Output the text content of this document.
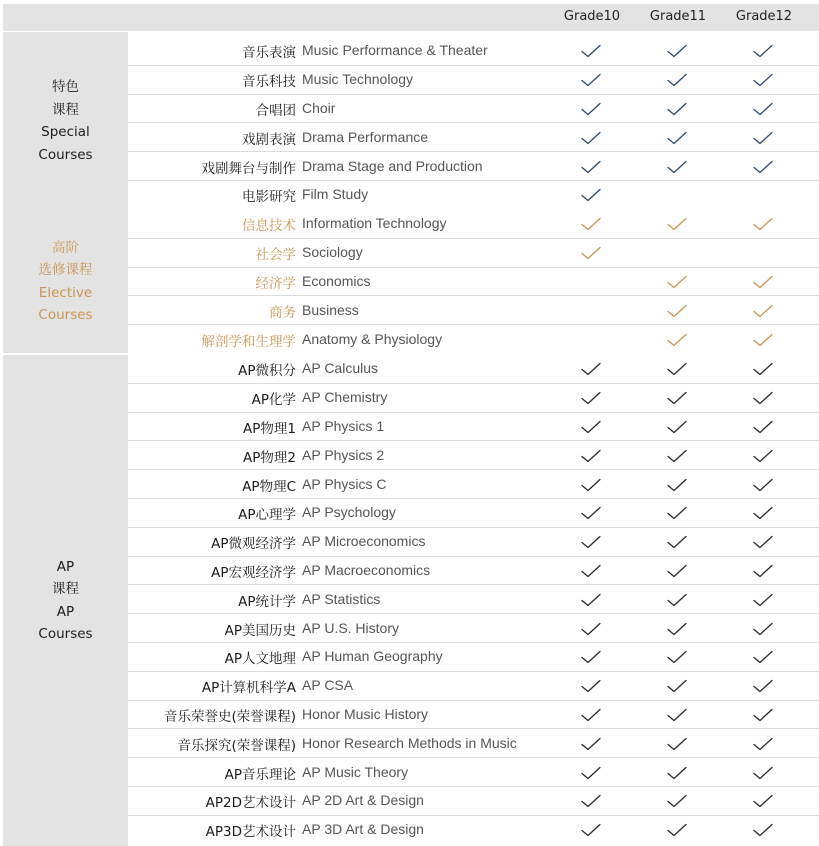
Grade10	Grade11	Grade12
特色
课程
Special
Courses
音乐表演 Music Performance & Theater
音乐科技 Music Technology
合唱团 Choir
戏剧表演 Drama Performance
戏剧舞台与制作 Drama Stage and Production
电影研究 Film Study
高阶
选修课程
Elective
Courses
信息技术 Information Technology
社会学 Sociology
经济学 Economics
商务 Business
解剖学和生理学 Anatomy & Physiology
AP
课程
AP
Courses
AP微积分 AP Calculus
AP化学 AP Chemistry
AP物理1 AP Physics 1
AP物理2 AP Physics 2
AP物理C AP Physics C
AP心理学 AP Psychology
AP微观经济学 AP Microeconomics
AP宏观经济学 AP Macroeconomics
AP统计学 AP Statistics
AP美国历史 AP U.S. History
AP人文地理 AP Human Geography
AP计算机科学A AP CSA
音乐荣誉史(荣誉课程) Honor Music History
音乐探究(荣誉课程) Honor Research Methods in Music
AP音乐理论 AP Music Theory
AP2D艺术设计 AP 2D Art & Design
AP3D艺术设计 AP 3D Art & Design
